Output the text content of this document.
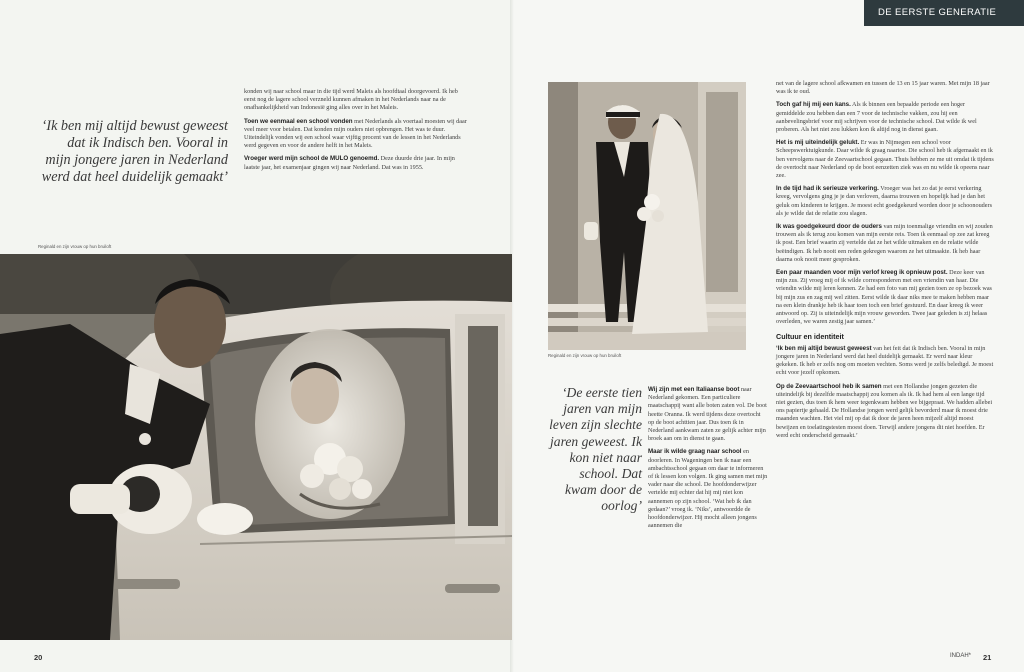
DE EERSTE GENERATIE
‘Ik ben mij altijd bewust geweest dat ik Indisch ben. Vooral in mijn jongere jaren in Nederland werd dat heel duidelijk gemaakt’

konden wij naar school maar in die tijd werd Maleis als hoofdtaal doorgevoerd. Ik heb eerst nog de lagere school verzneld kunnen afmaken in het Nederlands naar na de onafhankelijkheid van Indonesië ging alles over in het Maleis.

Toen we eenmaal een school vonden met Nederlands als voertaal moesten wij daar veel meer voor betalen. Dat konden mijn ouders niet opbrengen. Het was te duur. Uiteindelijk vonden wij een school waar vijftig procent van de lessen in het Nederlands werd gegeven en voor de andere helft in het Maleis.

Vroeger werd mijn school de MULO genoemd. Deze duurde drie jaar. In mijn laatste jaar, het examenjaar gingen wij naar Nederland. Dat was in 1955.

Reginald en zijn vrouw op hun bruiloft
Reginald en zijn vrouw op hun bruiloft
‘De eerste tien jaren van mijn leven zijn slechte jaren geweest. Ik kon niet naar school. Dat kwam door de oorlog’

Wij zijn met een Italiaanse boot naar Nederland gekomen. Een particuliere maatschappij want alle boten zaten vol. De boot heette Oranna. Ik werd tijdens deze overtocht op de boot achttien jaar. Dus toen ik in Nederland aankwam zaten ze gelijk achter mijn broek aan om in dienst te gaan.

Maar ik wilde graag naar school en doorleren. In Wageningen ben ik naar een ambachtsschool gegaan om daar te informeren of ik lessen kon volgen. Ik ging samen met mijn vader naar die school. De hoofdonderwijzer vertelde mij echter dat hij mij niet kon aannemen op zijn school. ‘Wat heb ik dan gedaan?’ vroeg ik. ‘Niks’, antwoordde de hoofdonderwijzer. Hij mocht alleen jongens aannemen die

net van de lagere school afkwamen en tussen de 13 en 15 jaar waren. Met mijn 18 jaar was ik te oud.

Toch gaf hij mij een kans. Als ik binnen een bepaalde periode een hoger gemiddelde zou hebben dan een 7 voor de technische vakken, zou hij een aanbevelingsbrief voor mij schrijven voor de technische school. Dat wilde ik wel proberen. Als het niet zou lukken kon ik altijd nog in dienst gaan.

Het is mij uiteindelijk gelukt. Er was in Nijmegen een school voor Scheepswerktuigkunde. Daar wilde ik graag naartoe. Die school heb ik afgemaakt en ik ben vervolgens naar de Zeevaartschool gegaan. Thuis hebben ze me uit omdat ik tijdens de overtocht naar Nederland op de boot eenzetten ziek was en nu wilde ik opeens naar zee.

In de tijd had ik serieuze verkering. Vroeger was het zo dat je eerst verkering kreeg, vervolgens ging je je dan verloven, daarna trouwen en hopelijk had je dan het geluk om kinderen te krijgen. Je moest echt goedgekeurd worden door je schoonouders als je wilde dat de relatie zou slagen.

Ik was goedgekeurd door de ouders van mijn toenmalige vriendin en wij zouden trouwen als ik terug zou komen van mijn eerste reis. Toen ik eenmaal op zee zat kreeg ik post. Een brief waarin zij vertelde dat ze het wilde uitmaken en de relatie wilde beëindigen. Ik heb nooit een reden gekregen waarom ze het uitmaakte. Ik heb haar daarna ook nooit meer gesproken.

Een paar maanden voor mijn verlof kreeg ik opnieuw post. Deze keer van mijn zus. Zij vroeg mij of ik wilde corresponderen met een vriendin van haar. Die vriendin wilde mij leren kennen. Ze had een foto van mij gezien toen ze op bezoek was bij mijn zus en zag mij wel zitten. Eerst wilde ik daar niks mee te maken hebben maar na een klein drankje heb ik haar toen toch een brief gestuurd. En daar kreeg ik weer antwoord op. Zij is uiteindelijk mijn vrouw geworden. Twee jaar geleden is zij helaas overleden, we waren zestig jaar samen.’

Cultuur en identiteit

‘Ik ben mij altijd bewust geweest van het feit dat ik Indisch ben. Vooral in mijn jongere jaren in Nederland werd dat heel duidelijk gemaakt. Er werd naar kleur gekeken. Ik heb er zelfs nog om moeten vechten. Soms werd je zelfs beledigd. Je moest echt voor jezelf opkomen.

Op de Zeevaartschool heb ik samen met een Hollandse jongen gezeten die uiteindelijk bij dezelfde maatschappij zou komen als ik. Ik had hem al een lange tijd niet gezien, dus toen ik hem weer tegenkwam hebben we bijgepraat. We hadden allebei ons papiertje gehaald. De Hollandse jongen werd gelijk bevorderd maar ik moest drie maanden wachten. Het viel mij op dat ik door de jaren heen mijzelf altijd moest bewijzen en toelatingstesten moest doen. Terwijl andere jongens dit niet hoefden. Er werd echt onderscheid gemaakt.’

20	INDAH* 21
